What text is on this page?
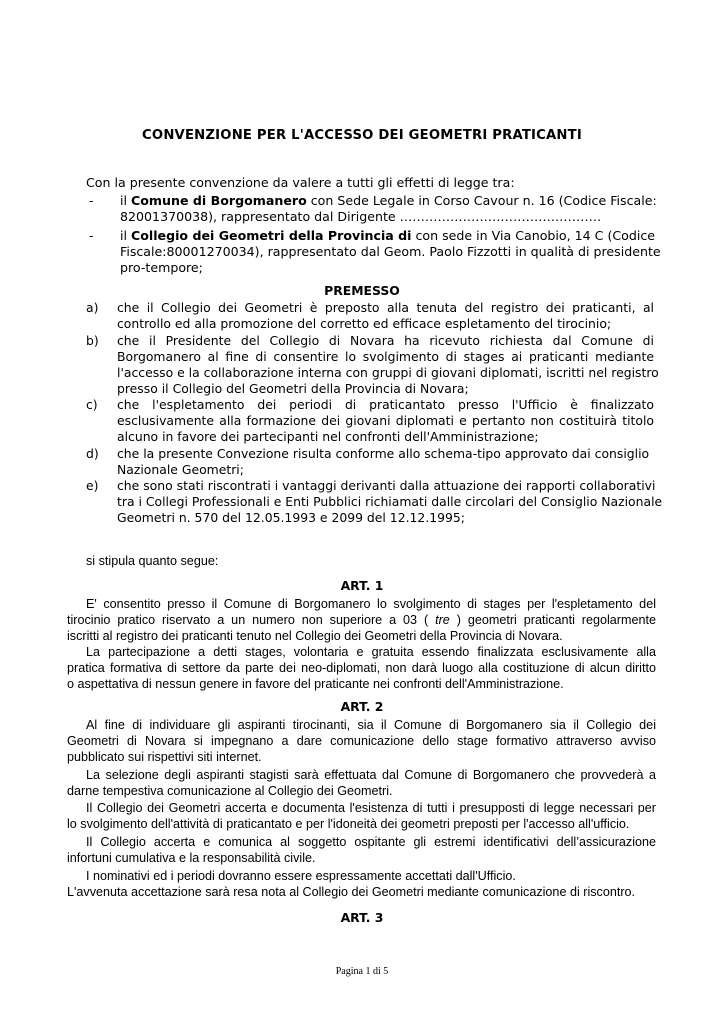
CONVENZIONE PER L'ACCESSO DEI GEOMETRI PRATICANTI
Con la presente convenzione da valere a tutti gli effetti di legge tra:
- il Comune di Borgomanero con Sede Legale in Corso Cavour n. 16 (Codice Fiscale:
82001370038), rappresentato dal Dirigente …………………………………………
- il Collegio dei Geometri della Provincia di con sede in Via Canobio, 14 C (Codice
Fiscale:80001270034), rappresentato dal Geom. Paolo Fizzotti in qualità di presidente
pro-tempore;
PREMESSO
a) che il Collegio dei Geometri è preposto alla tenuta del registro dei praticanti, al
controllo ed alla promozione del corretto ed efficace espletamento del tirocinio;
b) che il Presidente del Collegio di Novara ha ricevuto richiesta dal Comune di
Borgomanero al fine di consentire lo svolgimento di stages ai praticanti mediante
l'accesso e la collaborazione interna con gruppi di giovani diplomati, iscritti nel registro
presso il Collegio del Geometri della Provincia di Novara;
c) che l'espletamento dei periodi di praticantato presso l'Ufficio è finalizzato
esclusivamente alla formazione dei giovani diplomati e pertanto non costituirà titolo
alcuno in favore dei partecipanti nel confronti dell'Amministrazione;
d) che la presente Convezione risulta conforme allo schema-tipo approvato dai consiglio
Nazionale Geometri;
e) che sono stati riscontrati i vantaggi derivanti dalla attuazione dei rapporti collaborativi
tra i Collegi Professionali e Enti Pubblici richiamati dalle circolari del Consiglio Nazionale
Geometri n. 570 del 12.05.1993 e 2099 del 12.12.1995;
si stipula quanto segue:
ART. 1
E' consentito presso il Comune di Borgomanero lo svolgimento di stages per l'espletamento del
tirocinio pratico riservato a un numero non superiore a 03 ( tre ) geometri praticanti regolarmente
iscritti al registro dei praticanti tenuto nel Collegio dei Geometri della Provincia di Novara.
La partecipazione a detti stages, volontaria e gratuita essendo finalizzata esclusivamente alla
pratica formativa di settore da parte dei neo-diplomati, non darà luogo alla costituzione di alcun diritto
o aspettativa di nessun genere in favore del praticante nei confronti dell'Amministrazione.
ART. 2
Al fine di individuare gli aspiranti tirocinanti, sia il Comune di Borgomanero sia il Collegio dei
Geometri di Novara si impegnano a dare comunicazione dello stage formativo attraverso avviso
pubblicato sui rispettivi siti internet.
La selezione degli aspiranti stagisti sarà effettuata dal Comune di Borgomanero che provvederà a
darne tempestiva comunicazione al Collegio dei Geometri.
Il Collegio dei Geometri accerta e documenta l'esistenza di tutti i presupposti di legge necessari per
lo svolgimento dell'attività di praticantato e per l'idoneità dei geometri preposti per l'accesso all'ufficio.
Il Collegio accerta e comunica al soggetto ospitante gli estremi identificativi dell’assicurazione
infortuni cumulativa e la responsabilità civile.
I nominativi ed i periodi dovranno essere espressamente accettati dall'Ufficio.
L'avvenuta accettazione sarà resa nota al Collegio dei Geometri mediante comunicazione di riscontro.
ART. 3
Pagina 1 di 5
